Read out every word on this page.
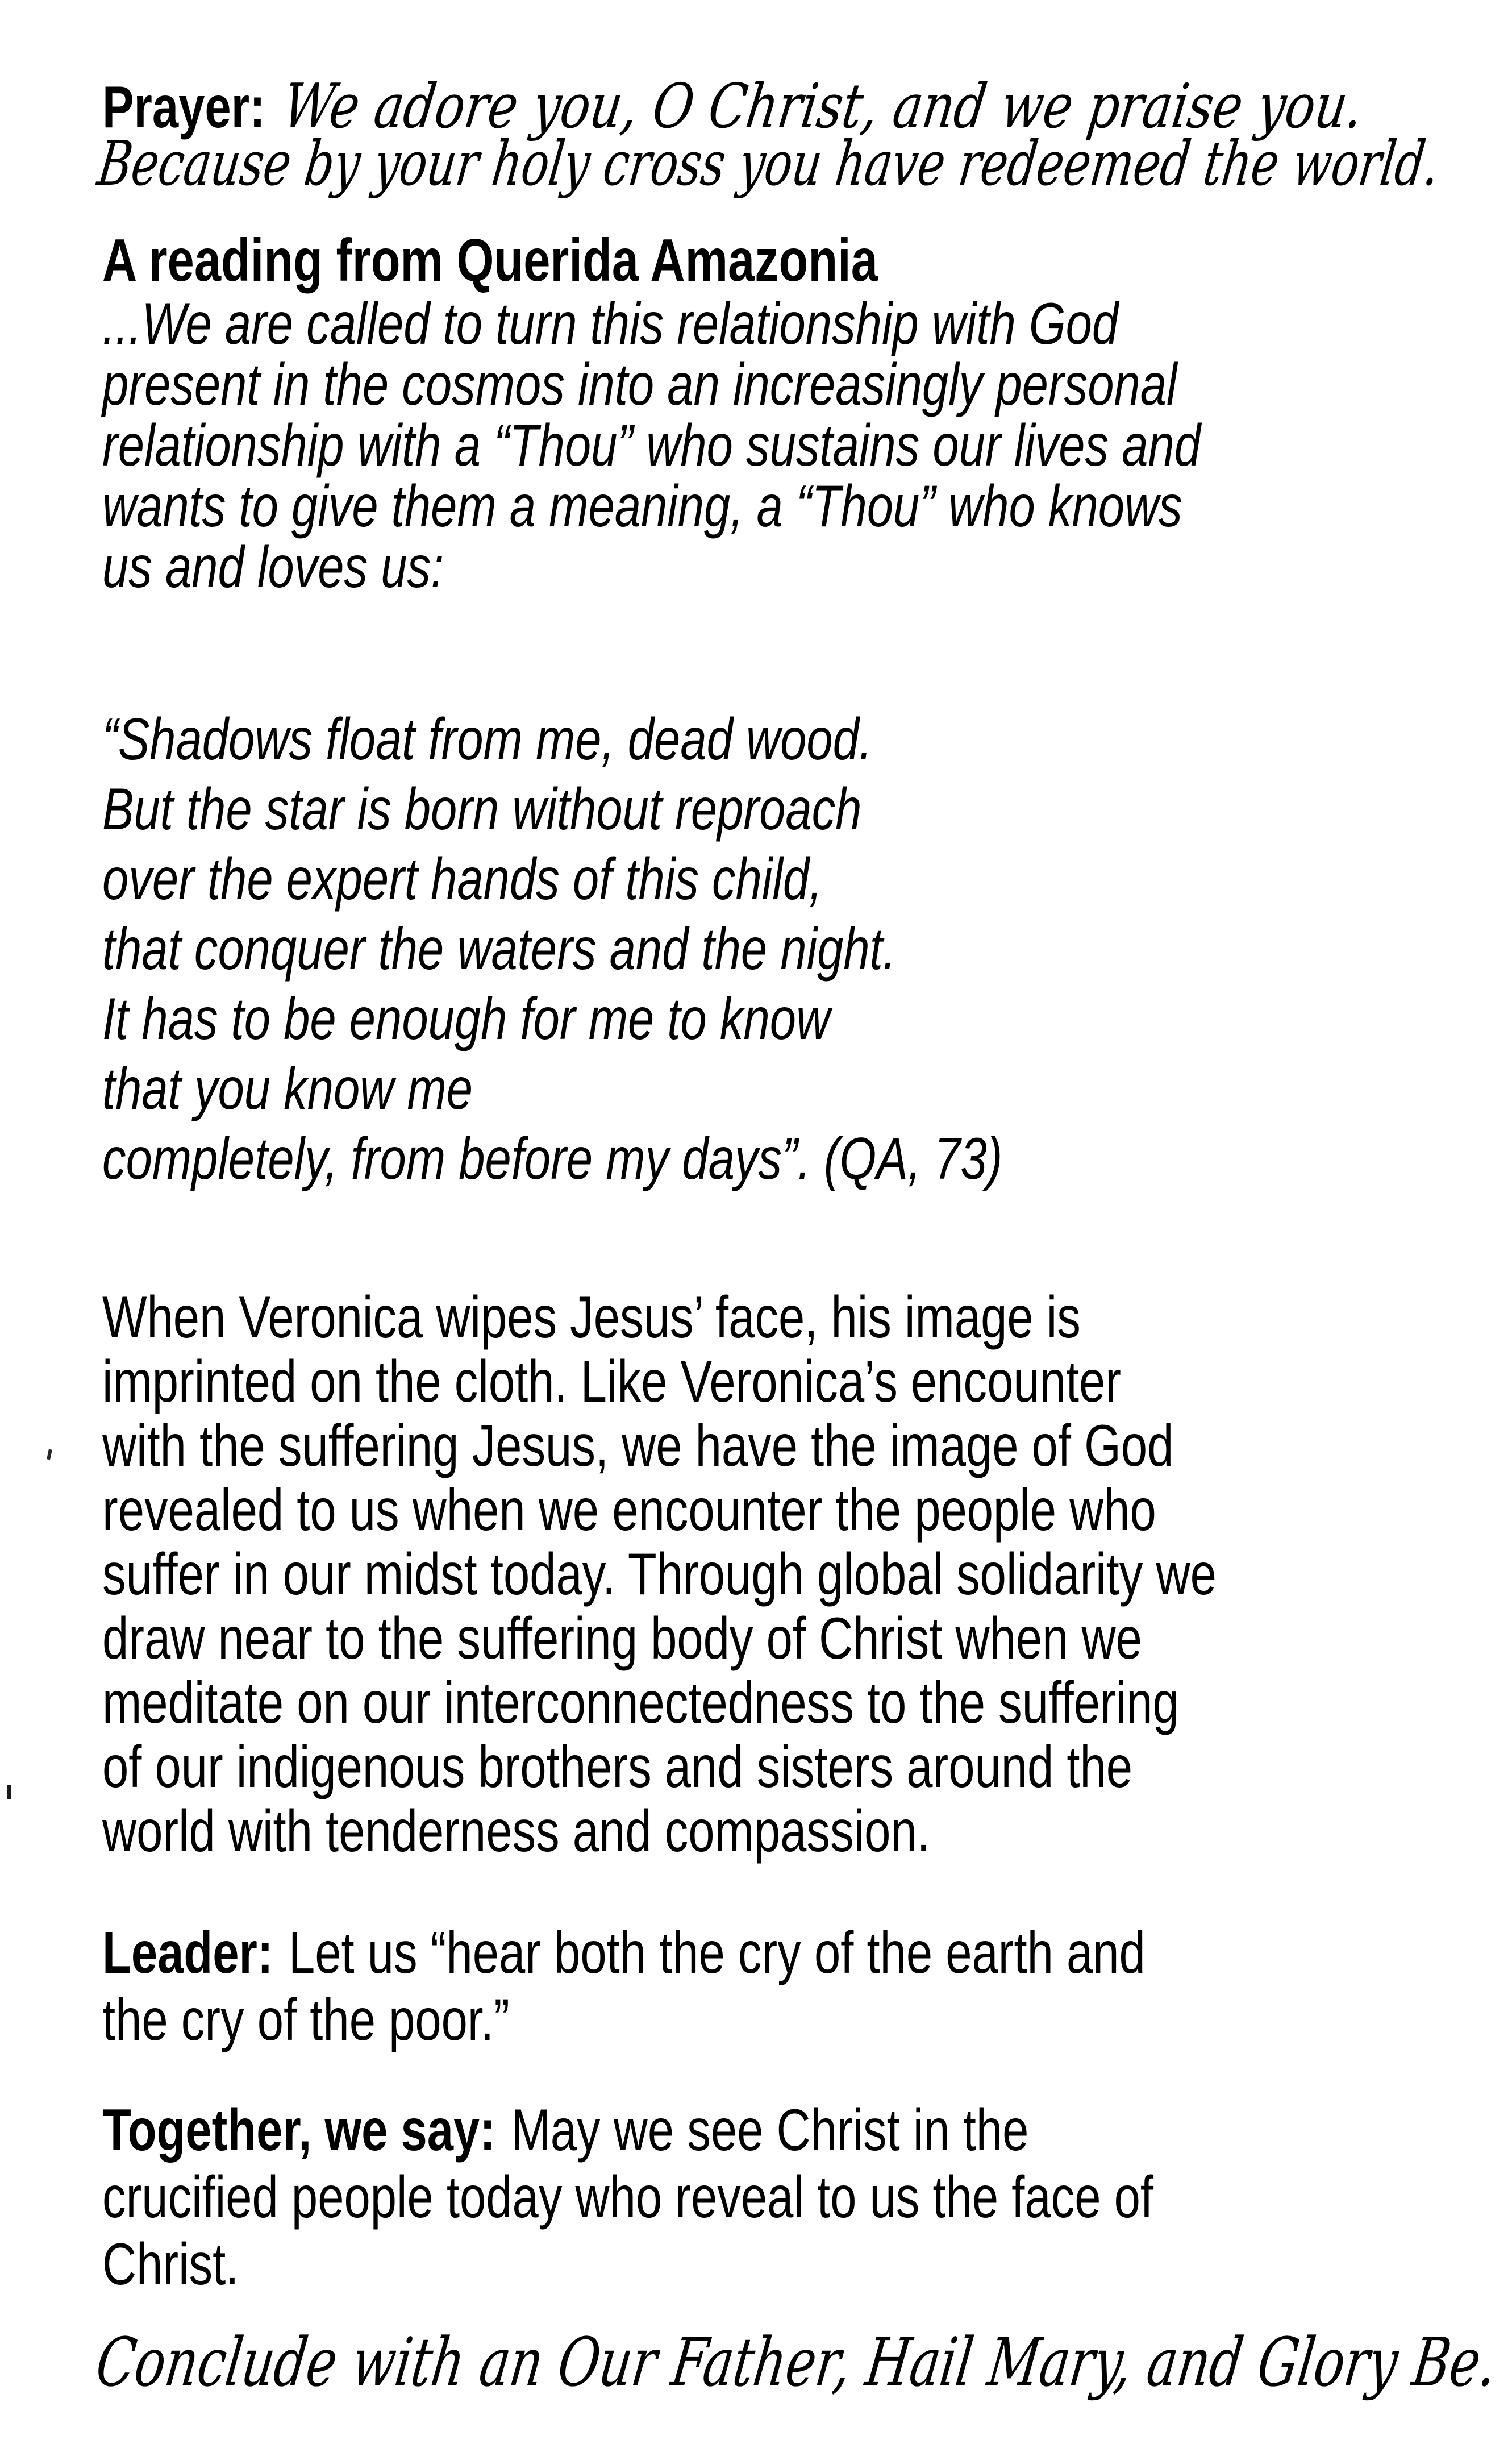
Prayer: We adore you, O Christ, and we praise you.
Because by your holy cross you have redeemed the world.
A reading from Querida Amazonia
...We are called to turn this relationship with God
present in the cosmos into an increasingly personal
relationship with a “Thou” who sustains our lives and
wants to give them a meaning, a “Thou” who knows
us and loves us:
“Shadows float from me, dead wood.
But the star is born without reproach
over the expert hands of this child,
that conquer the waters and the night.
It has to be enough for me to know
that you know me
completely, from before my days”. (QA, 73)
When Veronica wipes Jesus’ face, his image is
imprinted on the cloth. Like Veronica’s encounter
with the suffering Jesus, we have the image of God
revealed to us when we encounter the people who
suffer in our midst today. Through global solidarity we
draw near to the suffering body of Christ when we
meditate on our interconnectedness to the suffering
of our indigenous brothers and sisters around the
world with tenderness and compassion.
Leader: Let us “hear both the cry of the earth and
the cry of the poor.”
Together, we say: May we see Christ in the
crucified people today who reveal to us the face of
Christ.
Conclude with an Our Father, Hail Mary, and Glory Be.
